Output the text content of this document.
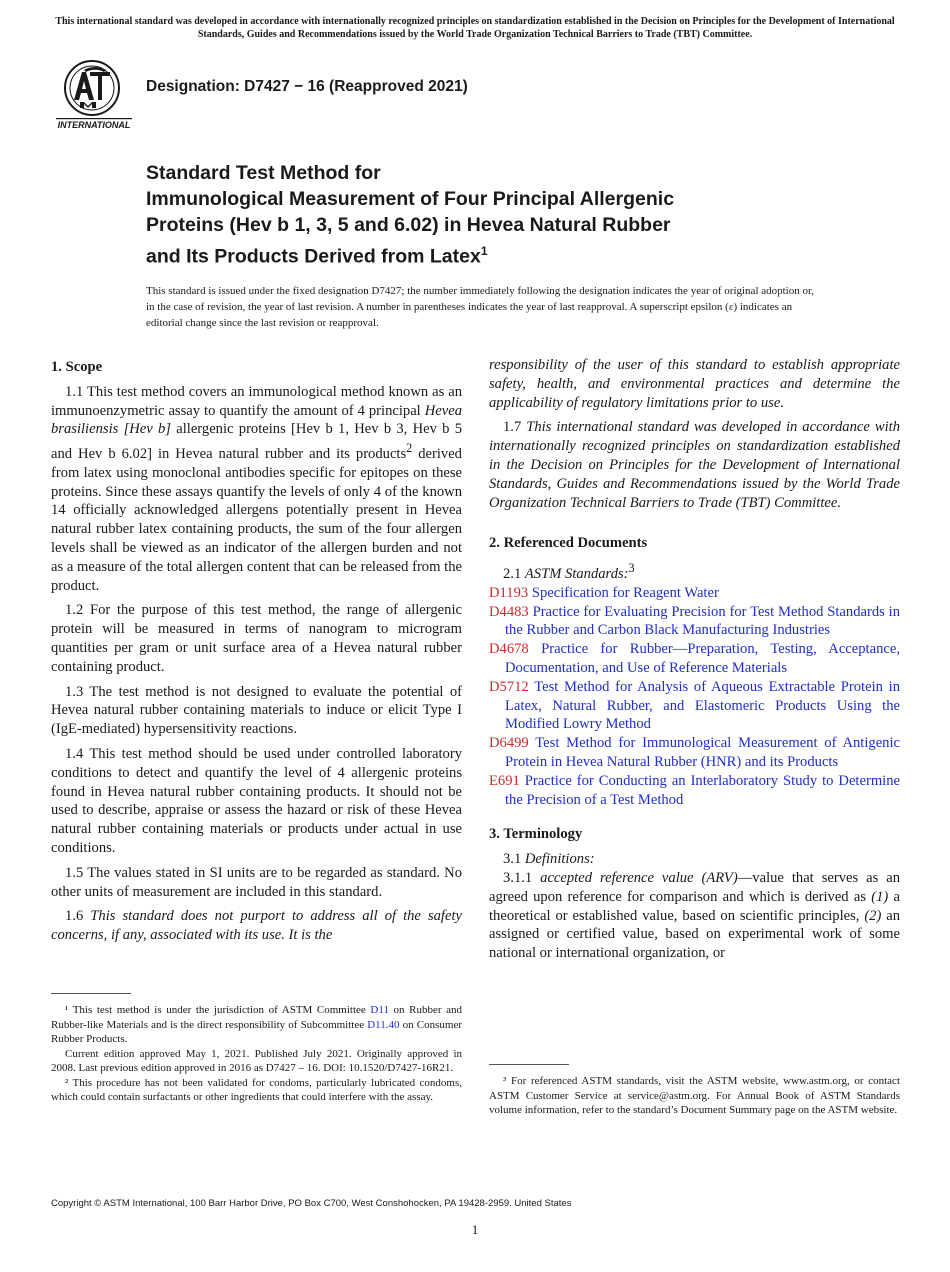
This international standard was developed in accordance with internationally recognized principles on standardization established in the Decision on Principles for the Development of International Standards, Guides and Recommendations issued by the World Trade Organization Technical Barriers to Trade (TBT) Committee.
INTERNATIONAL
Designation: D7427 − 16 (Reapproved 2021)
Standard Test Method for
Immunological Measurement of Four Principal Allergenic
Proteins (Hev b 1, 3, 5 and 6.02) in Hevea Natural Rubber
and Its Products Derived from Latex$^1$

This standard is issued under the fixed designation D7427; the number immediately following the designation indicates the year of original adoption or, in the case of revision, the year of last revision. A number in parentheses indicates the year of last reapproval. A superscript epsilon (ε) indicates an editorial change since the last revision or reapproval.

1. Scope

1.1 This test method covers an immunological method known as an immunoenzymetric assay to quantify the amount of 4 principal Hevea brasiliensis [Hev b] allergenic proteins [Hev b 1, Hev b 3, Hev b 5 and Hev b 6.02] in Hevea natural rubber and its products$^2$ derived from latex using monoclonal antibodies specific for epitopes on these proteins. Since these assays quantify the levels of only 4 of the known 14 officially acknowledged allergens potentially present in Hevea natural rubber latex containing products, the sum of the four allergen levels shall be viewed as an indicator of the allergen burden and not as a measure of the total allergen content that can be released from the product.

1.2 For the purpose of this test method, the range of allergenic protein will be measured in terms of nanogram to microgram quantities per gram or unit surface area of a Hevea natural rubber containing product.

1.3 The test method is not designed to evaluate the potential of Hevea natural rubber containing materials to induce or elicit Type I (IgE-mediated) hypersensitivity reactions.

1.4 This test method should be used under controlled laboratory conditions to detect and quantify the level of 4 allergenic proteins found in Hevea natural rubber containing products. It should not be used to describe, appraise or assess the hazard or risk of these Hevea natural rubber containing materials or products under actual in use conditions.

1.5 The values stated in SI units are to be regarded as standard. No other units of measurement are included in this standard.

1.6 This standard does not purport to address all of the safety concerns, if any, associated with its use. It is the

responsibility of the user of this standard to establish appropriate safety, health, and environmental practices and determine the applicability of regulatory limitations prior to use.

1.7 This international standard was developed in accordance with internationally recognized principles on standardization established in the Decision on Principles for the Development of International Standards, Guides and Recommendations issued by the World Trade Organization Technical Barriers to Trade (TBT) Committee.

2. Referenced Documents

2.1 ASTM Standards:$^3$

D1193 Specification for Reagent Water
D4483 Practice for Evaluating Precision for Test Method Standards in the Rubber and Carbon Black Manufacturing Industries
D4678 Practice for Rubber—Preparation, Testing, Acceptance, Documentation, and Use of Reference Materials
D5712 Test Method for Analysis of Aqueous Extractable Protein in Latex, Natural Rubber, and Elastomeric Products Using the Modified Lowry Method
D6499 Test Method for Immunological Measurement of Antigenic Protein in Hevea Natural Rubber (HNR) and its Products
E691 Practice for Conducting an Interlaboratory Study to Determine the Precision of a Test Method
3. Terminology

3.1 Definitions:

3.1.1 accepted reference value (ARV)—value that serves as an agreed upon reference for comparison and which is derived as (1) a theoretical or established value, based on scientific principles, (2) an assigned or certified value, based on experimental work of some national or international organization, or

¹ This test method is under the jurisdiction of ASTM Committee D11 on Rubber and Rubber-like Materials and is the direct responsibility of Subcommittee D11.40 on Consumer Rubber Products.

Current edition approved May 1, 2021. Published July 2021. Originally approved in 2008. Last previous edition approved in 2016 as D7427 – 16. DOI: 10.1520/D7427-16R21.

² This procedure has not been validated for condoms, particularly lubricated condoms, which could contain surfactants or other ingredients that could interfere with the assay.

³ For referenced ASTM standards, visit the ASTM website, www.astm.org, or contact ASTM Customer Service at service@astm.org. For Annual Book of ASTM Standards volume information, refer to the standard’s Document Summary page on the ASTM website.

Copyright © ASTM International, 100 Barr Harbor Drive, PO Box C700, West Conshohocken, PA 19428-2959. United States
1
